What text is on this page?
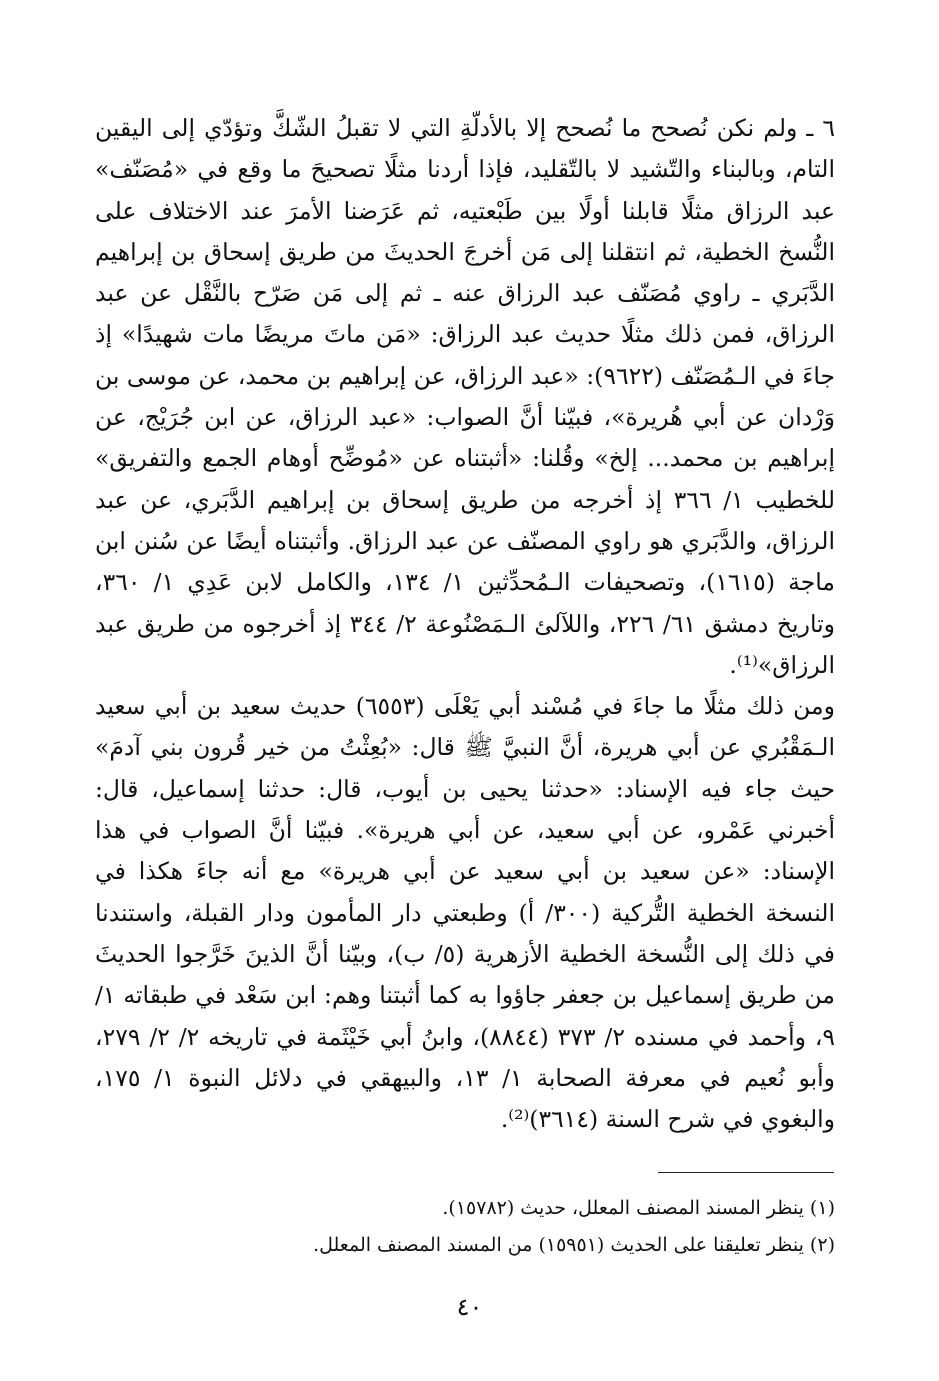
٦ ـ ولم نكن نُصحح ما نُصحح إلا بالأدلّةِ التي لا تقبلُ الشّكَّ وتؤدّي إلى اليقين التام، وبالبناء والتّشيد لا بالتّقليد، فإذا أردنا مثلًا تصحيحَ ما وقع في «مُصَنّف» عبد الرزاق مثلًا قابلنا أولًا بين طَبْعتيه، ثم عَرَضنا الأمرَ عند الاختلاف على النُّسخ الخطية، ثم انتقلنا إلى مَن أخرجَ الحديثَ من طريق إسحاق بن إبراهيم الدَّبَري ـ راوي مُصَنّف عبد الرزاق عنه ـ ثم إلى مَن صَرّح بالنَّقْل عن عبد الرزاق، فمن ذلك مثلًا حديث عبد الرزاق: «مَن ماتَ مريضًا مات شهيدًا» إذ جاءَ في الـمُصَنّف (٩٦٢٢): «عبد الرزاق، عن إبراهيم بن محمد، عن موسى بن وَرْدان عن أبي هُريرة»، فبيّنا أنَّ الصواب: «عبد الرزاق، عن ابن جُرَيْج، عن إبراهيم بن محمد... إلخ» وقُلنا: «أثبتناه عن «مُوضِّح أوهام الجمع والتفريق» للخطيب ١/ ٣٦٦ إذ أخرجه من طريق إسحاق بن إبراهيم الدَّبَري، عن عبد الرزاق، والدَّبَري هو راوي المصنّف عن عبد الرزاق. وأثبتناه أيضًا عن سُنن ابن ماجة (١٦١٥)، وتصحيفات الـمُحدِّثين ١/ ١٣٤، والكامل لابن عَدِي ١/ ٣٦٠، وتاريخ دمشق ٦١/ ٢٢٦، واللآلئ الـمَصْنُوعة ٢/ ٣٤٤ إذ أخرجوه من طريق عبد الرزاق»⁽¹⁾.

ومن ذلك مثلًا ما جاءَ في مُسْند أبي يَعْلَى (٦٥٥٣) حديث سعيد بن أبي سعيد الـمَقْبُري عن أبي هريرة، أنَّ النبيَّ ﷺ قال: «بُعِثْتُ من خير قُرون بني آدمَ» حيث جاء فيه الإسناد: «حدثنا يحيى بن أيوب، قال: حدثنا إسماعيل، قال: أخبرني عَمْرو، عن أبي سعيد، عن أبي هريرة». فبيّنا أنَّ الصواب في هذا الإسناد: «عن سعيد بن أبي سعيد عن أبي هريرة» مع أنه جاءَ هكذا في النسخة الخطية التُّركية (٣٠٠/ أ) وطبعتي دار المأمون ودار القبلة، واستندنا في ذلك إلى النُّسخة الخطية الأزهرية (٥/ ب)، وبيّنا أنَّ الذينَ خَرَّجوا الحديثَ من طريق إسماعيل بن جعفر جاؤوا به كما أثبتنا وهم: ابن سَعْد في طبقاته ١/ ٩، وأحمد في مسنده ٢/ ٣٧٣ (٨٨٤٤)، وابنُ أبي خَيْثَمة في تاريخه ٢/ ٢/ ٢٧٩، وأبو نُعيم في معرفة الصحابة ١/ ١٣، والبيهقي في دلائل النبوة ١/ ١٧٥، والبغوي في شرح السنة (٣٦١٤)⁽²⁾.

(١) ينظر المسند المصنف المعلل، حديث (١٥٧٨٢).

(٢) ينظر تعليقنا على الحديث (١٥٩٥١) من المسند المصنف المعلل.

٤٠
